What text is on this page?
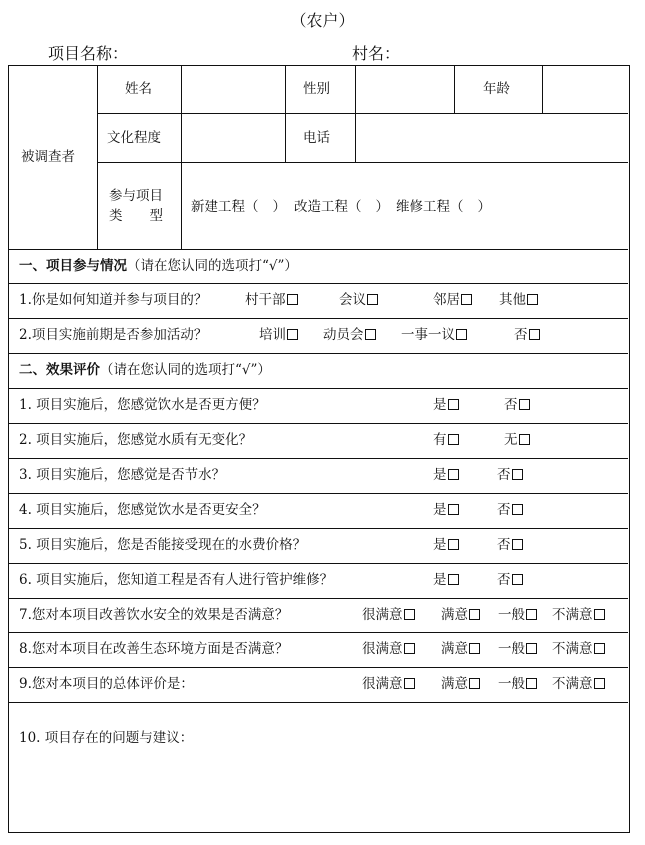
（农户）
项目名称：	村名：
被调查者
姓名	性别	年龄
文化程度	电话
参与项目
类　　型
新建工程（ ） 改造工程（ ） 维修工程（ ）
一、项目参与情况（请在您认同的选项打“√”）
1.你是如何知道并参与项目的？	村干部	会议	邻居	其他
2.项目实施前期是否参加活动？	培训	动员会	一事一议	否
二、效果评价（请在您认同的选项打“√”）
1. 项目实施后，您感觉饮水是否更方便？	是	否
2. 项目实施后，您感觉水质有无变化？	有	无
3. 项目实施后，您感觉是否节水？	是	否
4. 项目实施后，您感觉饮水是否更安全？	是	否
5. 项目实施后，您是否能接受现在的水费价格？	是	否
6. 项目实施后，您知道工程是否有人进行管护维修？	是	否
7.您对本项目改善饮水安全的效果是否满意？	很满意	满意	一般	不满意
8.您对本项目在改善生态环境方面是否满意？	很满意	满意	一般	不满意
9.您对本项目的总体评价是：	很满意	满意	一般	不满意
10. 项目存在的问题与建议：
